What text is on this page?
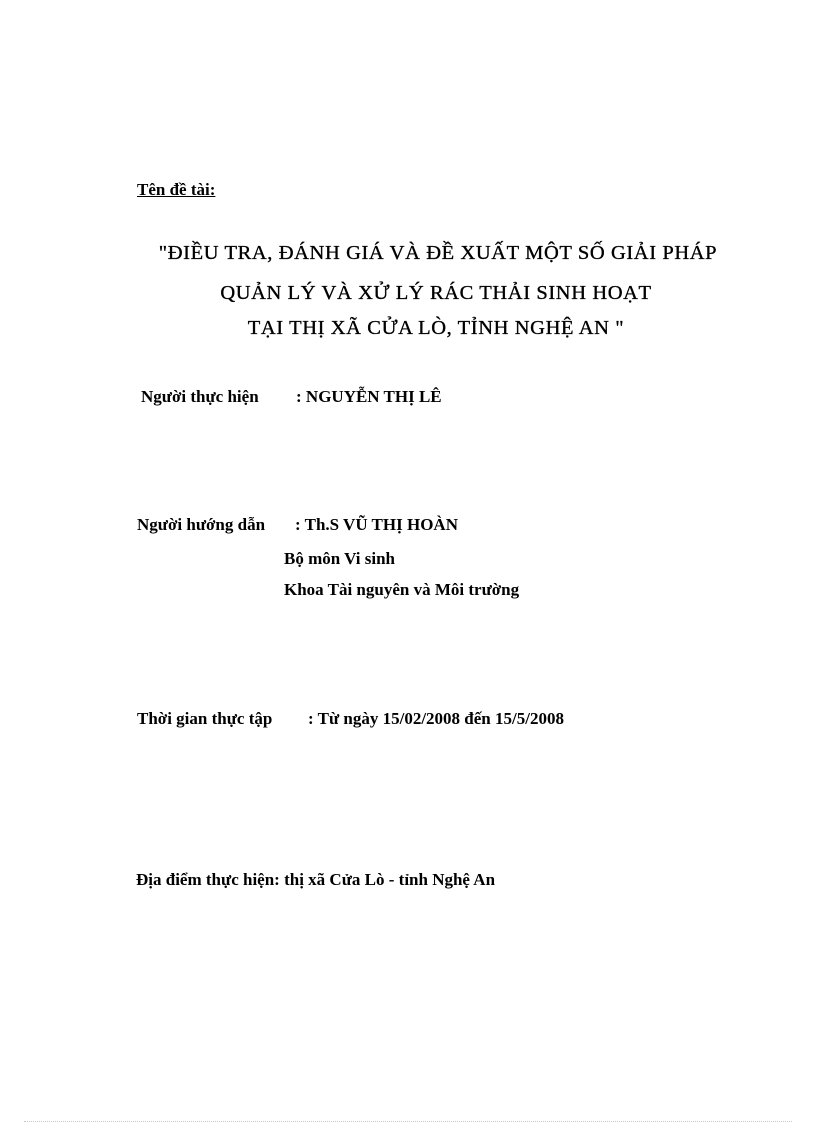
Tên đề tài:
"ĐIỀU TRA, ĐÁNH GIÁ VÀ ĐỀ XUẤT MỘT SỐ GIẢI PHÁP
QUẢN LÝ VÀ XỬ LÝ RÁC THẢI SINH HOẠT
TẠI THỊ XÃ CỬA LÒ, TỈNH NGHỆ AN "
Người thực hiện : NGUYỄN THỊ LÊ
Người hướng dẫn : Th.S VŨ THỊ HOÀN
Bộ môn Vi sinh
Khoa Tài nguyên và Môi trường
Thời gian thực tập : Từ ngày 15/02/2008 đến 15/5/2008
Địa điểm thực hiện: thị xã Cửa Lò - tỉnh Nghệ An
